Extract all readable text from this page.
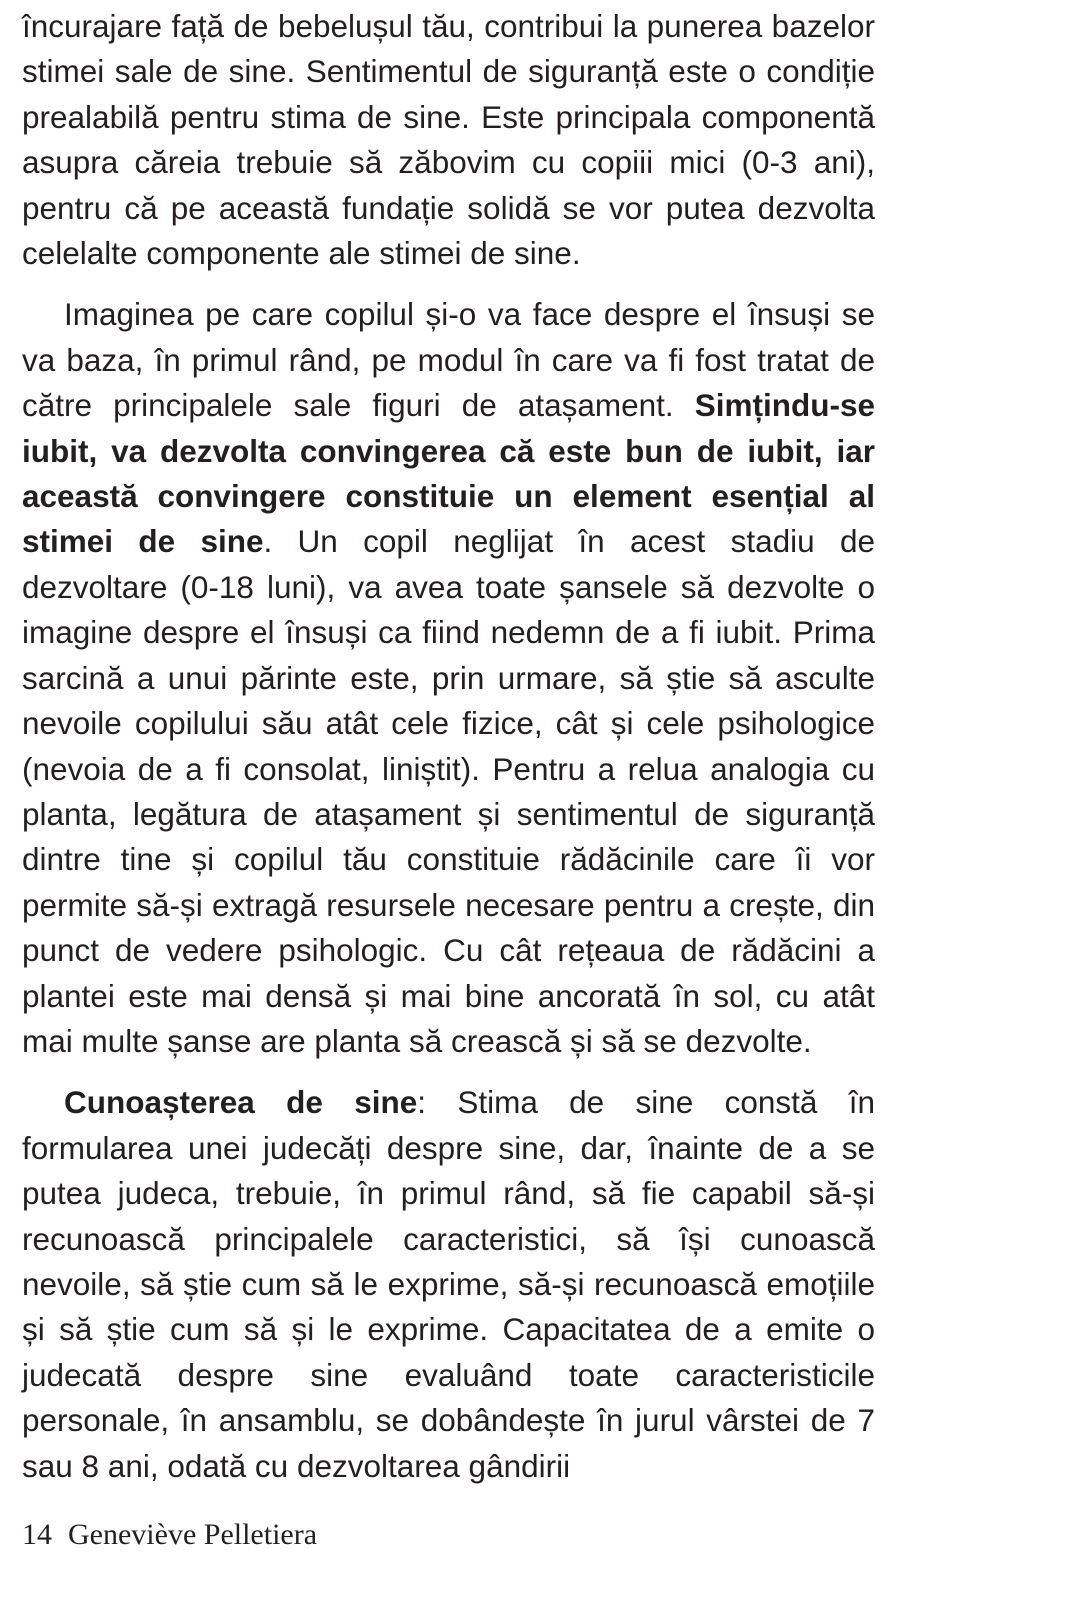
încurajare față de bebelușul tău, contribui la punerea bazelor stimei sale de sine. Sentimentul de siguranță este o condiție prealabilă pentru stima de sine. Este principala componentă asupra căreia trebuie să zăbovim cu copiii mici (0-3 ani), pentru că pe această fundație solidă se vor putea dezvolta celelalte componente ale stimei de sine.

Imaginea pe care copilul și-o va face despre el însuși se va baza, în primul rând, pe modul în care va fi fost tratat de către principalele sale figuri de atașament. Simțindu-se iubit, va dezvolta convingerea că este bun de iubit, iar această convingere constituie un element esențial al stimei de sine. Un copil neglijat în acest stadiu de dezvoltare (0-18 luni), va avea toate șansele să dezvolte o imagine despre el însuși ca fiind nedemn de a fi iubit. Prima sarcină a unui părinte este, prin urmare, să știe să asculte nevoile copilului său atât cele fizice, cât și cele psihologice (nevoia de a fi consolat, liniștit). Pentru a relua analogia cu planta, legătura de atașament și sentimentul de siguranță dintre tine și copilul tău constituie rădăcinile care îi vor permite să-și extragă resursele necesare pentru a crește, din punct de vedere psihologic. Cu cât rețeaua de rădăcini a plantei este mai densă și mai bine ancorată în sol, cu atât mai multe șanse are planta să crească și să se dezvolte.

Cunoașterea de sine: Stima de sine constă în formularea unei judecăți despre sine, dar, înainte de a se putea judeca, trebuie, în primul rând, să fie capabil să-și recunoască principalele caracteristici, să își cunoască nevoile, să știe cum să le exprime, să-și recunoască emoțiile și să știe cum să și le exprime. Capacitatea de a emite o judecată despre sine evaluând toate caracteristicile personale, în ansamblu, se dobândește în jurul vârstei de 7 sau 8 ani, odată cu dezvoltarea gândirii

14 Geneviève Pelletiera
